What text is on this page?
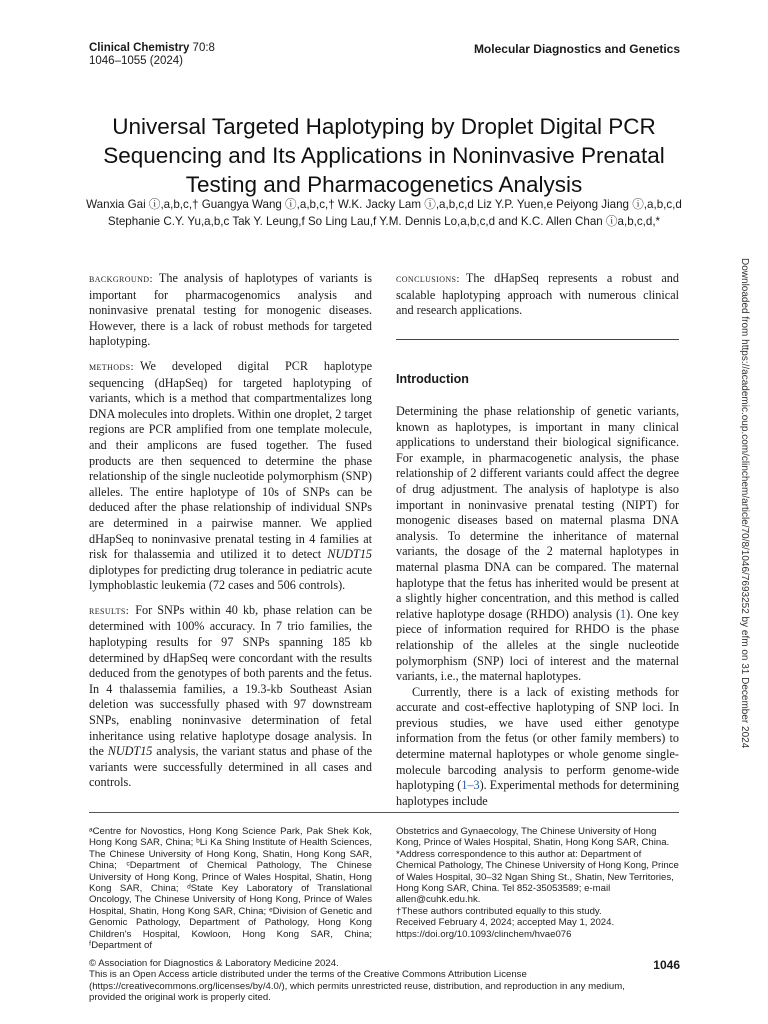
Clinical Chemistry 70:8
1046–1055 (2024)
Molecular Diagnostics and Genetics
Universal Targeted Haplotyping by Droplet Digital PCR
Sequencing and Its Applications in Noninvasive Prenatal
Testing and Pharmacogenetics Analysis
Wanxia Gai ⓘ,a,b,c,† Guangya Wang ⓘ,a,b,c,† W.K. Jacky Lam ⓘ,a,b,c,d Liz Y.P. Yuen,e Peiyong Jiang ⓘ,a,b,c,d
Stephanie C.Y. Yu,a,b,c Tak Y. Leung,f So Ling Lau,f Y.M. Dennis Lo,a,b,c,d and K.C. Allen Chan ⓘa,b,c,d,*
Downloaded from https://academic.oup.com/clinchem/article/70/8/1046/7693252 by efm on 31 December 2024

background: The analysis of haplotypes of variants is important for pharmacogenomics analysis and noninvasive prenatal testing for monogenic diseases. However, there is a lack of robust methods for targeted haplotyping.

methods: We developed digital PCR haplotype sequencing (dHapSeq) for targeted haplotyping of variants, which is a method that compartmentalizes long DNA molecules into droplets. Within one droplet, 2 target regions are PCR amplified from one template molecule, and their amplicons are fused together. The fused products are then sequenced to determine the phase relationship of the single nucleotide polymorphism (SNP) alleles. The entire haplotype of 10s of SNPs can be deduced after the phase relationship of individual SNPs are determined in a pairwise manner. We applied dHapSeq to noninvasive prenatal testing in 4 families at risk for thalassemia and utilized it to detect NUDT15 diplotypes for predicting drug tolerance in pediatric acute lymphoblastic leukemia (72 cases and 506 controls).

results: For SNPs within 40 kb, phase relation can be determined with 100% accuracy. In 7 trio families, the haplotyping results for 97 SNPs spanning 185 kb determined by dHapSeq were concordant with the results deduced from the genotypes of both parents and the fetus. In 4 thalassemia families, a 19.3-kb Southeast Asian deletion was successfully phased with 97 downstream SNPs, enabling noninvasive determination of fetal inheritance using relative haplotype dosage analysis. In the NUDT15 analysis, the variant status and phase of the variants were successfully determined in all cases and controls.

conclusions: The dHapSeq represents a robust and scalable haplotyping approach with numerous clinical and research applications.

Introduction

Determining the phase relationship of genetic variants, known as haplotypes, is important in many clinical applications to understand their biological significance. For example, in pharmacogenetic analysis, the phase relationship of 2 different variants could affect the degree of drug adjustment. The analysis of haplotype is also important in noninvasive prenatal testing (NIPT) for monogenic diseases based on maternal plasma DNA analysis. To determine the inheritance of maternal variants, the dosage of the 2 maternal haplotypes in maternal plasma DNA can be compared. The maternal haplotype that the fetus has inherited would be present at a slightly higher concentration, and this method is called relative haplotype dosage (RHDO) analysis (1). One key piece of information required for RHDO is the phase relationship of the alleles at the single nucleotide polymorphism (SNP) loci of interest and the maternal variants, i.e., the maternal haplotypes.

Currently, there is a lack of existing methods for accurate and cost-effective haplotyping of SNP loci. In previous studies, we have used either genotype information from the fetus (or other family members) to determine maternal haplotypes or whole genome single-molecule barcoding analysis to perform genome-wide haplotyping (1–3). Experimental methods for determining haplotypes include

ᵃCentre for Novostics, Hong Kong Science Park, Pak Shek Kok, Hong Kong SAR, China; ᵇLi Ka Shing Institute of Health Sciences, The Chinese University of Hong Kong, Shatin, Hong Kong SAR, China; ᶜDepartment of Chemical Pathology, The Chinese University of Hong Kong, Prince of Wales Hospital, Shatin, Hong Kong SAR, China; ᵈState Key Laboratory of Translational Oncology, The Chinese University of Hong Kong, Prince of Wales Hospital, Shatin, Hong Kong SAR, China; ᵉDivision of Genetic and Genomic Pathology, Department of Pathology, Hong Kong Children's Hospital, Kowloon, Hong Kong SAR, China; ᶠDepartment of
Obstetrics and Gynaecology, The Chinese University of Hong Kong, Prince of Wales Hospital, Shatin, Hong Kong SAR, China.
*Address correspondence to this author at: Department of Chemical Pathology, The Chinese University of Hong Kong, Prince of Wales Hospital, 30–32 Ngan Shing St., Shatin, New Territories, Hong Kong SAR, China. Tel 852-35053589; e-mail allen@cuhk.edu.hk.
†These authors contributed equally to this study.
Received February 4, 2024; accepted May 1, 2024.
https://doi.org/10.1093/clinchem/hvae076
© Association for Diagnostics & Laboratory Medicine 2024.
This is an Open Access article distributed under the terms of the Creative Commons Attribution License (https://creativecommons.org/licenses/by/4.0/), which permits unrestricted reuse, distribution, and reproduction in any medium, provided the original work is properly cited.
1046
